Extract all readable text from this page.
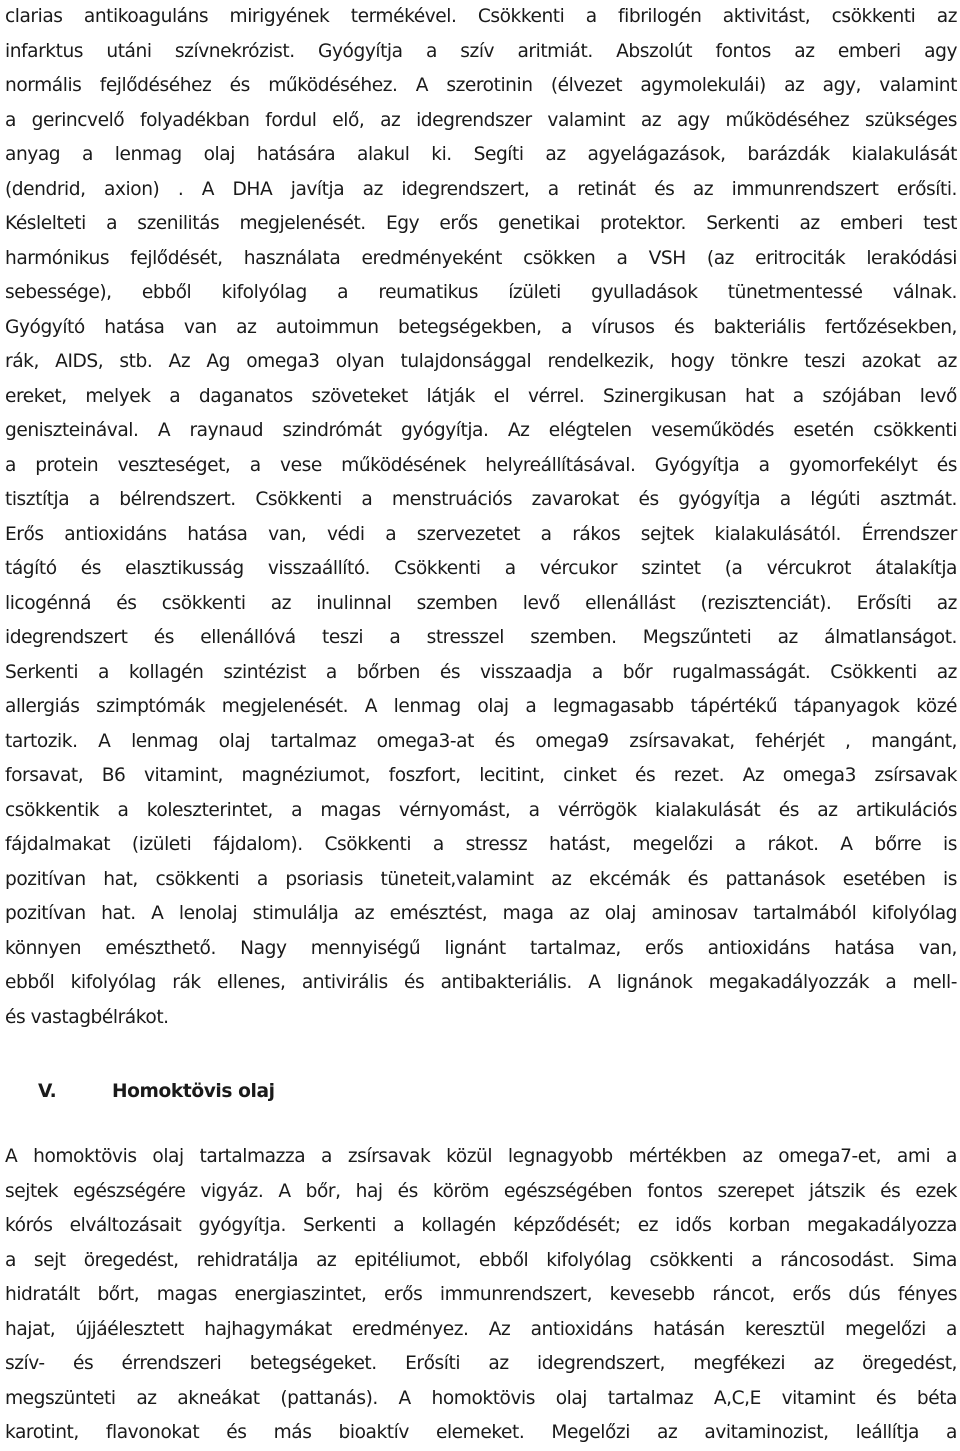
clarias antikoaguláns mirigyének termékével. Csökkenti a fibrilogén aktivitást, csökkenti az
infarktus utáni szívnekrózist. Gyógyítja a szív aritmiát. Abszolút fontos az emberi agy
normális fejlődéséhez és működéséhez. A szerotinin (élvezet agymolekulái) az agy, valamint
a gerincvelő folyadékban fordul elő, az idegrendszer valamint az agy működéséhez szükséges
anyag a lenmag olaj hatására alakul ki. Segíti az agyelágazások, barázdák kialakulását
(dendrid, axion) . A DHA javítja az idegrendszert, a retinát és az immunrendszert erősíti.
Késlelteti a szenilitás megjelenését. Egy erős genetikai protektor. Serkenti az emberi test
harmónikus fejlődését, használata eredményeként csökken a VSH (az eritrociták lerakódási
sebessége), ebből kifolyólag a reumatikus ízületi gyulladások tünetmentessé válnak.
Gyógyító hatása van az autoimmun betegségekben, a vírusos és bakteriális fertőzésekben,
rák, AIDS, stb. Az Ag omega3 olyan tulajdonsággal rendelkezik, hogy tönkre teszi azokat az
ereket, melyek a daganatos szöveteket látják el vérrel. Szinergikusan hat a szójában levő
geniszteinával. A raynaud szindrómát gyógyítja. Az elégtelen veseműködés esetén csökkenti
a protein veszteséget, a vese működésének helyreállításával. Gyógyítja a gyomorfekélyt és
tisztítja a bélrendszert. Csökkenti a menstruációs zavarokat és gyógyítja a légúti asztmát.
Erős antioxidáns hatása van, védi a szervezetet a rákos sejtek kialakulásától. Érrendszer
tágító és elasztikusság visszaállító. Csökkenti a vércukor szintet (a vércukrot átalakítja
licogénná és csökkenti az inulinnal szemben levő ellenállást (rezisztenciát). Erősíti az
idegrendszert és ellenállóvá teszi a stresszel szemben. Megszűnteti az álmatlanságot.
Serkenti a kollagén szintézist a bőrben és visszaadja a bőr rugalmasságát. Csökkenti az
allergiás szimptómák megjelenését. A lenmag olaj a legmagasabb tápértékű tápanyagok közé
tartozik. A lenmag olaj tartalmaz omega3-at és omega9 zsírsavakat, fehérjét , mangánt,
forsavat, B6 vitamint, magnéziumot, foszfort, lecitint, cinket és rezet. Az omega3 zsírsavak
csökkentik a koleszterintet, a magas vérnyomást, a vérrögök kialakulását és az artikulációs
fájdalmakat (izületi fájdalom). Csökkenti a stressz hatást, megelőzi a rákot. A bőrre is
pozitívan hat, csökkenti a psoriasis tüneteit,valamint az ekcémák és pattanások esetében is
pozitívan hat. A lenolaj stimulálja az emésztést, maga az olaj aminosav tartalmából kifolyólag
könnyen emészthető. Nagy mennyiségű lignánt tartalmaz, erős antioxidáns hatása van,
ebből kifolyólag rák ellenes, antivirális és antibakteriális. A lignánok megakadályozzák a mell-
és vastagbélrákot.
V.	Homoktövis olaj
A homoktövis olaj tartalmazza a zsírsavak közül legnagyobb mértékben az omega7-et, ami a
sejtek egészségére vigyáz. A bőr, haj és köröm egészségében fontos szerepet játszik és ezek
kórós elváltozásait gyógyítja. Serkenti a kollagén képződését; ez idős korban megakadályozza
a sejt öregedést, rehidratálja az epitéliumot, ebből kifolyólag csökkenti a ráncosodást. Sima
hidratált bőrt, magas energiaszintet, erős immunrendszert, kevesebb ráncot, erős dús fényes
hajat, újjáélesztett hajhagymákat eredményez. Az antioxidáns hatásán keresztül megelőzi a
szív- és érrendszeri betegségeket. Erősíti az idegrendszert, megfékezi az öregedést,
megszünteti az akneákat (pattanás). A homoktövis olaj tartalmaz A,C,E vitamint és béta
karotint, flavonokat és más bioaktív elemeket. Megelőzi az avitaminozist, leállítja a
